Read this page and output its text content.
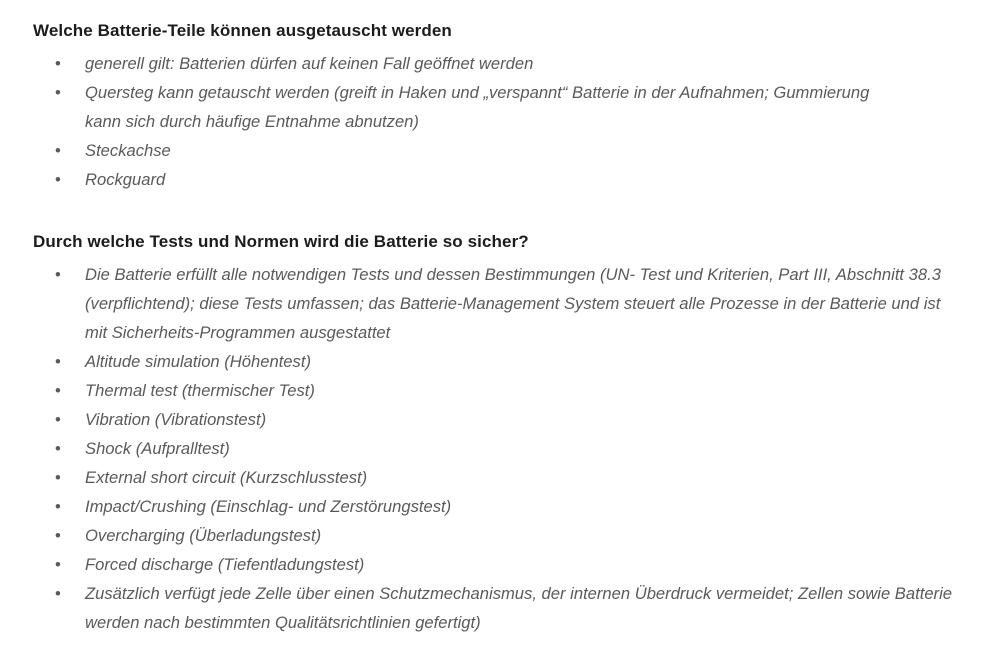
Welche Batterie-Teile können ausgetauscht werden
• generell gilt: Batterien dürfen auf keinen Fall geöffnet werden
• Quersteg kann getauscht werden (greift in Haken und „verspannt“ Batterie in der Aufnahmen; Gummierung kann sich durch häufige Entnahme abnutzen)
• Steckachse
• Rockguard
Durch welche Tests und Normen wird die Batterie so sicher?
• Die Batterie erfüllt alle notwendigen Tests und dessen Bestimmungen (UN- Test und Kriterien, Part III, Abschnitt 38.3 (verpflichtend); diese Tests umfassen; das Batterie-Management System steuert alle Prozesse in der Batterie und ist mit Sicherheits-Programmen ausgestattet
• Altitude simulation (Höhentest)
• Thermal test (thermischer Test)
• Vibration (Vibrationstest)
• Shock (Aufpralltest)
• External short circuit (Kurzschlusstest)
• Impact/Crushing (Einschlag- und Zerstörungstest)
• Overcharging (Überladungstest)
• Forced discharge (Tiefentladungstest)
• Zusätzlich verfügt jede Zelle über einen Schutzmechanismus, der internen Überdruck vermeidet; Zellen sowie Batterie werden nach bestimmten Qualitätsrichtlinien gefertigt)
